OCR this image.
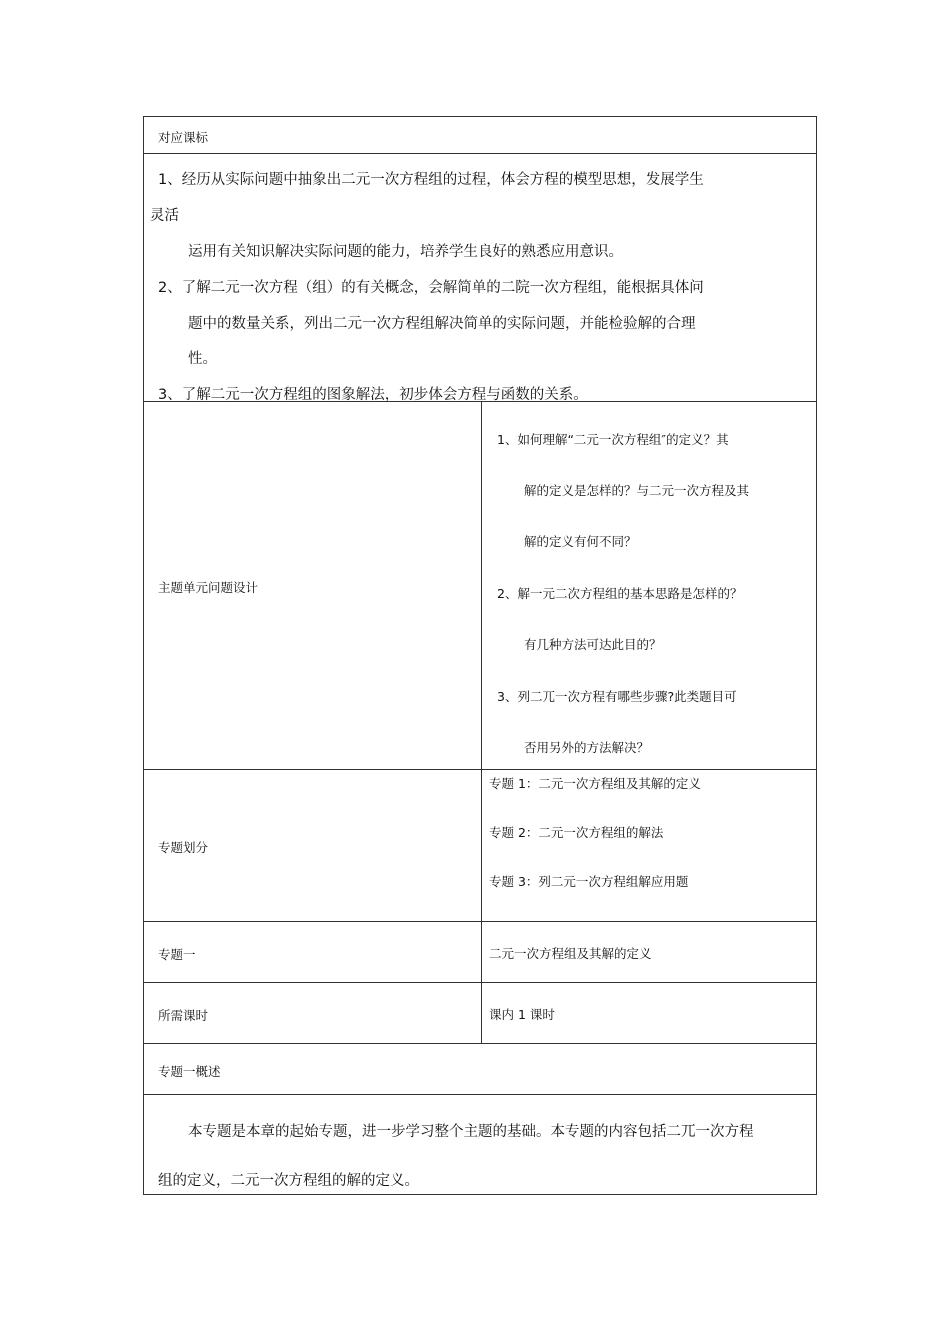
对应课标
1、经历从实际问题中抽象出二元一次方程组的过程，体会方程的模型思想，发展学生
灵活
运用有关知识解决实际问题的能力，培养学生良好的熟悉应用意识。
2、了解二元一次方程（组）的有关概念，会解简单的二院一次方程组，能根据具体问
题中的数量关系，列出二元一次方程组解决简单的实际问题，并能检验解的合理
性。
3、了解二元一次方程组的图象解法，初步体会方程与函数的关系。
主题单元问题设计
1、如何理解“二元一次方程组″的定义？其
解的定义是怎样的？与二元一次方程及其
解的定义有何不同？
2、解一元二次方程组的基本思路是怎样的？
有几种方法可达此目的？
3、列二兀一次方程有哪些步骤?此类题目可
否用另外的方法解决？
专题划分
专题 1：二元一次方程组及其解的定义
专题 2：二元一次方程组的解法
专题 3：列二元一次方程组解应用题
专题一	二元一次方程组及其解的定义
所需课时	课内 1 课时
专题一概述
本专题是本章的起始专题，进一步学习整个主题的基础。本专题的内容包括二兀一次方程
组的定义，二元一次方程组的解的定义。
